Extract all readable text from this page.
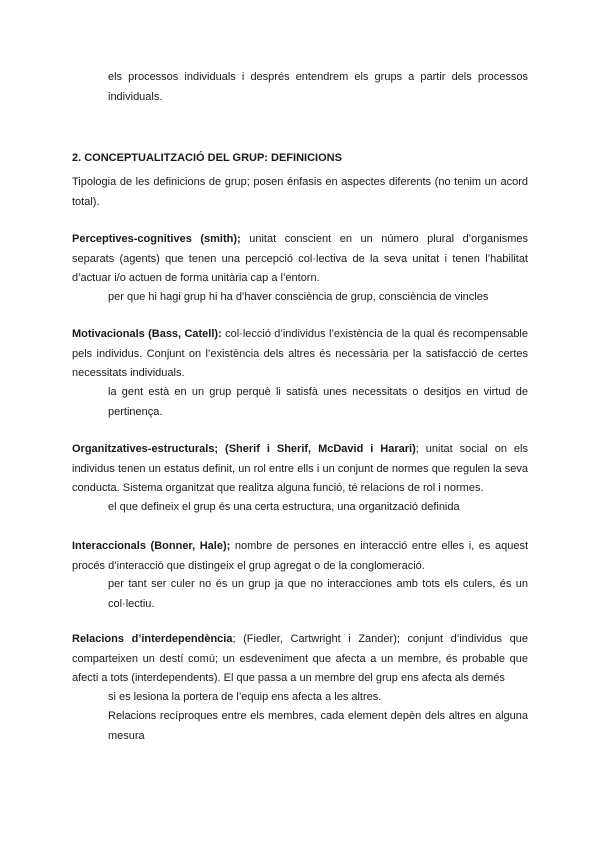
els processos individuals i després entendrem els grups a partir dels processos individuals.

2. CONCEPTUALITZACIÓ DEL GRUP: DEFINICIONS

Tipologia de les definicions de grup; posen énfasis en aspectes diferents (no tenim un acord total).

Perceptives-cognitives (smith); unitat conscient en un número plural d’organismes separats (agents) que tenen una percepció col·lectiva de la seva unitat i tenen l’habilitat d’actuar i/o actuen de forma unitària cap a l’entorn.

per que hi hagi grup hi ha d’haver consciència de grup, consciència de vincles

Motivacionals (Bass, Catell): col·lecció d’individus l’existència de la qual és recompensable pels individus. Conjunt on l’existència dels altres és necessària per la satisfacció de certes necessitats individuals.

la gent està en un grup perquè li satisfà unes necessitats o desitjos en virtud de pertinença.

Organitzatives-estructurals; (Sherif i Sherif, McDavid i Harari); unitat social on els individus tenen un estatus definit, un rol entre ells i un conjunt de normes que regulen la seva conducta. Sistema organitzat que realitza alguna funció, té relacions de rol i normes.

el que defineix el grup és una certa estructura, una organització definida

Interaccionals (Bonner, Hale); nombre de persones en interacció entre elles i, es aquest procés d’interacció que distingeix el grup agregat o de la conglomeració.

per tant ser culer no és un grup ja que no interacciones amb tots els culers, és un col·lectiu.

Relacions d’interdependència; (Fiedler, Cartwright i Zander); conjunt d’individus que comparteixen un destí comú; un esdeveniment que afecta a un membre, és probable que afecti a tots (interdependents). El que passa a un membre del grup ens afecta als demés

si es lesiona la portera de l’equip ens afecta a les altres.

Relacions recíproques entre els membres, cada element depèn dels altres en alguna mesura
